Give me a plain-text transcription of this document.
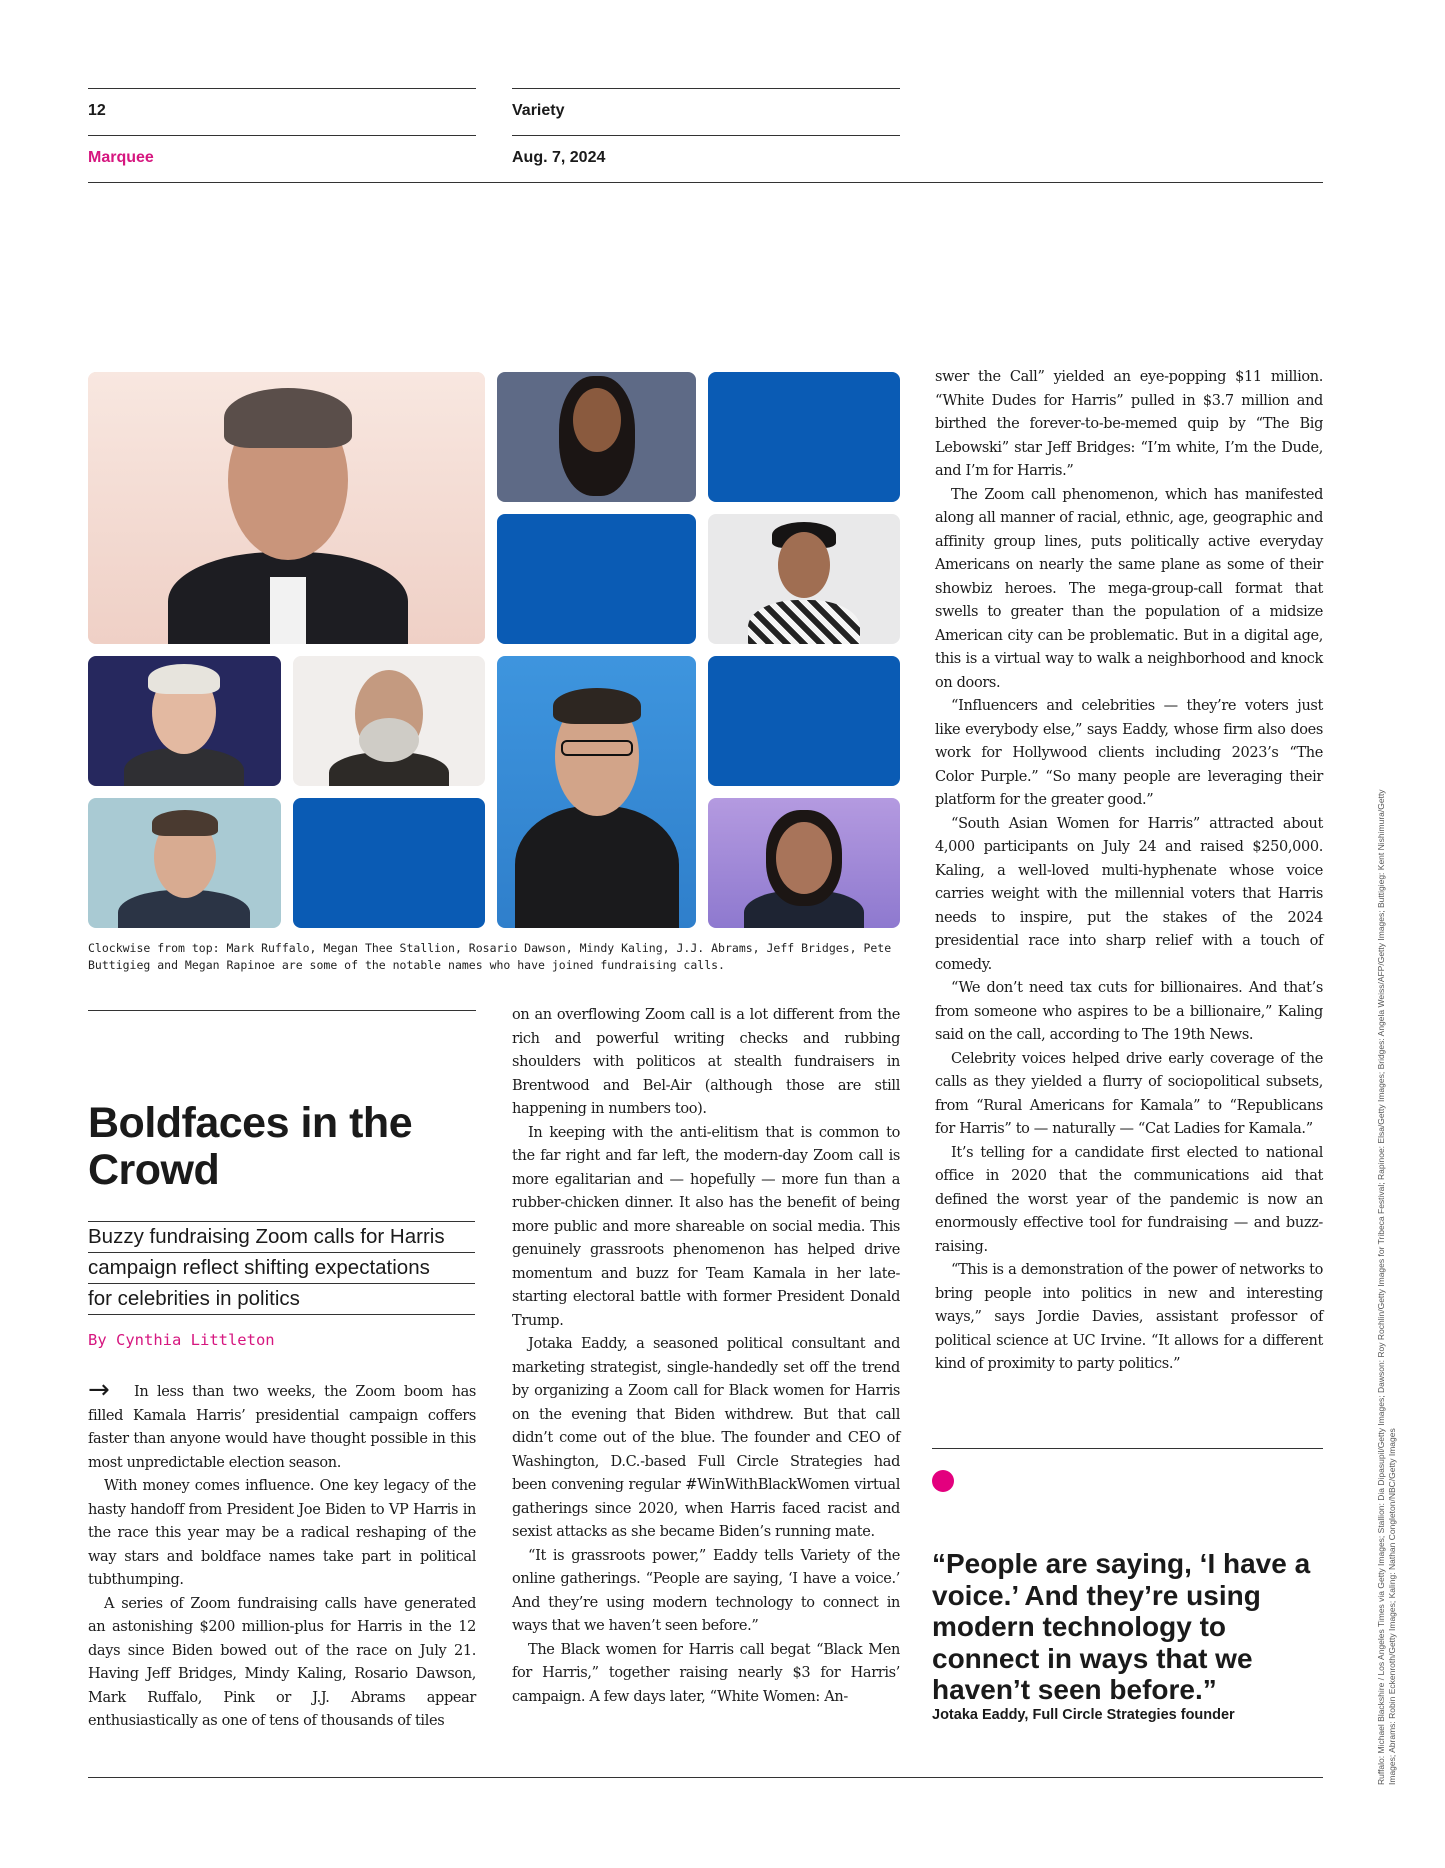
12	Variety
Marquee	Aug. 7, 2024
Clockwise from top: Mark Ruffalo, Megan Thee Stallion, Rosario Dawson, Mindy Kaling, J.J. Abrams, Jeff Bridges, Pete Buttigieg and Megan Rapinoe are some of the notable names who have joined fundraising calls.
Boldfaces in the Crowd
Buzzy fundraising Zoom calls for Harris
campaign reflect shifting expectations
for celebrities in politics
By Cynthia Littleton

→ In less than two weeks, the Zoom boom has filled Kamala Harris’ presidential campaign coffers faster than anyone would have thought possible in this most unpredictable election season.

With money comes influence. One key legacy of the hasty handoff from President Joe Biden to VP Harris in the race this year may be a radical reshaping of the way stars and boldface names take part in political tubthumping.

A series of Zoom fundraising calls have generated an astonishing $200 million-plus for Harris in the 12 days since Biden bowed out of the race on July 21. Having Jeff Bridges, Mindy Kaling, Rosario Dawson, Mark Ruffalo, Pink or J.J. Abrams appear enthusiastically as one of tens of thousands of tiles

on an overflowing Zoom call is a lot different from the rich and powerful writing checks and rubbing shoulders with politicos at stealth fundraisers in Brentwood and Bel-Air (although those are still happening in numbers too).

In keeping with the anti-elitism that is common to the far right and far left, the modern-day Zoom call is more egalitarian and — hopefully — more fun than a rubber-chicken dinner. It also has the benefit of being more public and more shareable on social media. This genuinely grassroots phenomenon has helped drive momentum and buzz for Team Kamala in her late-starting electoral battle with former President Donald Trump.

Jotaka Eaddy, a seasoned political consultant and marketing strategist, single-handedly set off the trend by organizing a Zoom call for Black women for Harris on the evening that Biden withdrew. But that call didn’t come out of the blue. The founder and CEO of Washington, D.C.-based Full Circle Strategies had been convening regular #WinWithBlackWomen virtual gatherings since 2020, when Harris faced racist and sexist attacks as she became Biden’s running mate.

“It is grassroots power,” Eaddy tells Variety of the online gatherings. “People are saying, ‘I have a voice.’ And they’re using modern technology to connect in ways that we haven’t seen before.”

The Black women for Harris call begat “Black Men for Harris,” together raising nearly $3 for Harris’ campaign. A few days later, “White Women: An-

swer the Call” yielded an eye-popping $11 million. “White Dudes for Harris” pulled in $3.7 million and birthed the forever-to-be-memed quip by “The Big Lebowski” star Jeff Bridges: “I’m white, I’m the Dude, and I’m for Harris.”

The Zoom call phenomenon, which has manifested along all manner of racial, ethnic, age, geographic and affinity group lines, puts politically active everyday Americans on nearly the same plane as some of their showbiz heroes. The mega-group-call format that swells to greater than the population of a midsize American city can be problematic. But in a digital age, this is a virtual way to walk a neighborhood and knock on doors.

“Influencers and celebrities — they’re voters just like everybody else,” says Eaddy, whose firm also does work for Hollywood clients including 2023’s “The Color Purple.” “So many people are leveraging their platform for the greater good.”

“South Asian Women for Harris” attracted about 4,000 participants on July 24 and raised $250,000. Kaling, a well-loved multi-hyphenate whose voice carries weight with the millennial voters that Harris needs to inspire, put the stakes of the 2024 presidential race into sharp relief with a touch of comedy.

“We don’t need tax cuts for billionaires. And that’s from someone who aspires to be a billionaire,” Kaling said on the call, according to The 19th News.

Celebrity voices helped drive early coverage of the calls as they yielded a flurry of sociopolitical subsets, from “Rural Americans for Kamala” to “Republicans for Harris” to — naturally — “Cat Ladies for Kamala.”

It’s telling for a candidate first elected to national office in 2020 that the communications aid that defined the worst year of the pandemic is now an enormously effective tool for fundraising — and buzz-raising.

“This is a demonstration of the power of networks to bring people into politics in new and interesting ways,” says Jordie Davies, assistant professor of political science at UC Irvine. “It allows for a different kind of proximity to party politics.”

“People are saying, ‘I have a voice.’ And they’re using modern technology to connect in ways that we haven’t seen before.”
Jotaka Eaddy, Full Circle Strategies founder	Ruffalo: Michael Blackshire / Los Angeles Times via Getty Images; Stallion: Dia Dipasupil/Getty Images; Dawson: Roy Rochlin/Getty Images for Tribeca Festival; Rapinoe: Elsa/Getty Images; Bridges: Angela Weiss/AFP/Getty Images; Buttigieg: Kent Nishimura/Getty Images; Abrams: Robin Eckenroth/Getty Images; Kaling: Nathan Congleton/NBC/Getty Images
